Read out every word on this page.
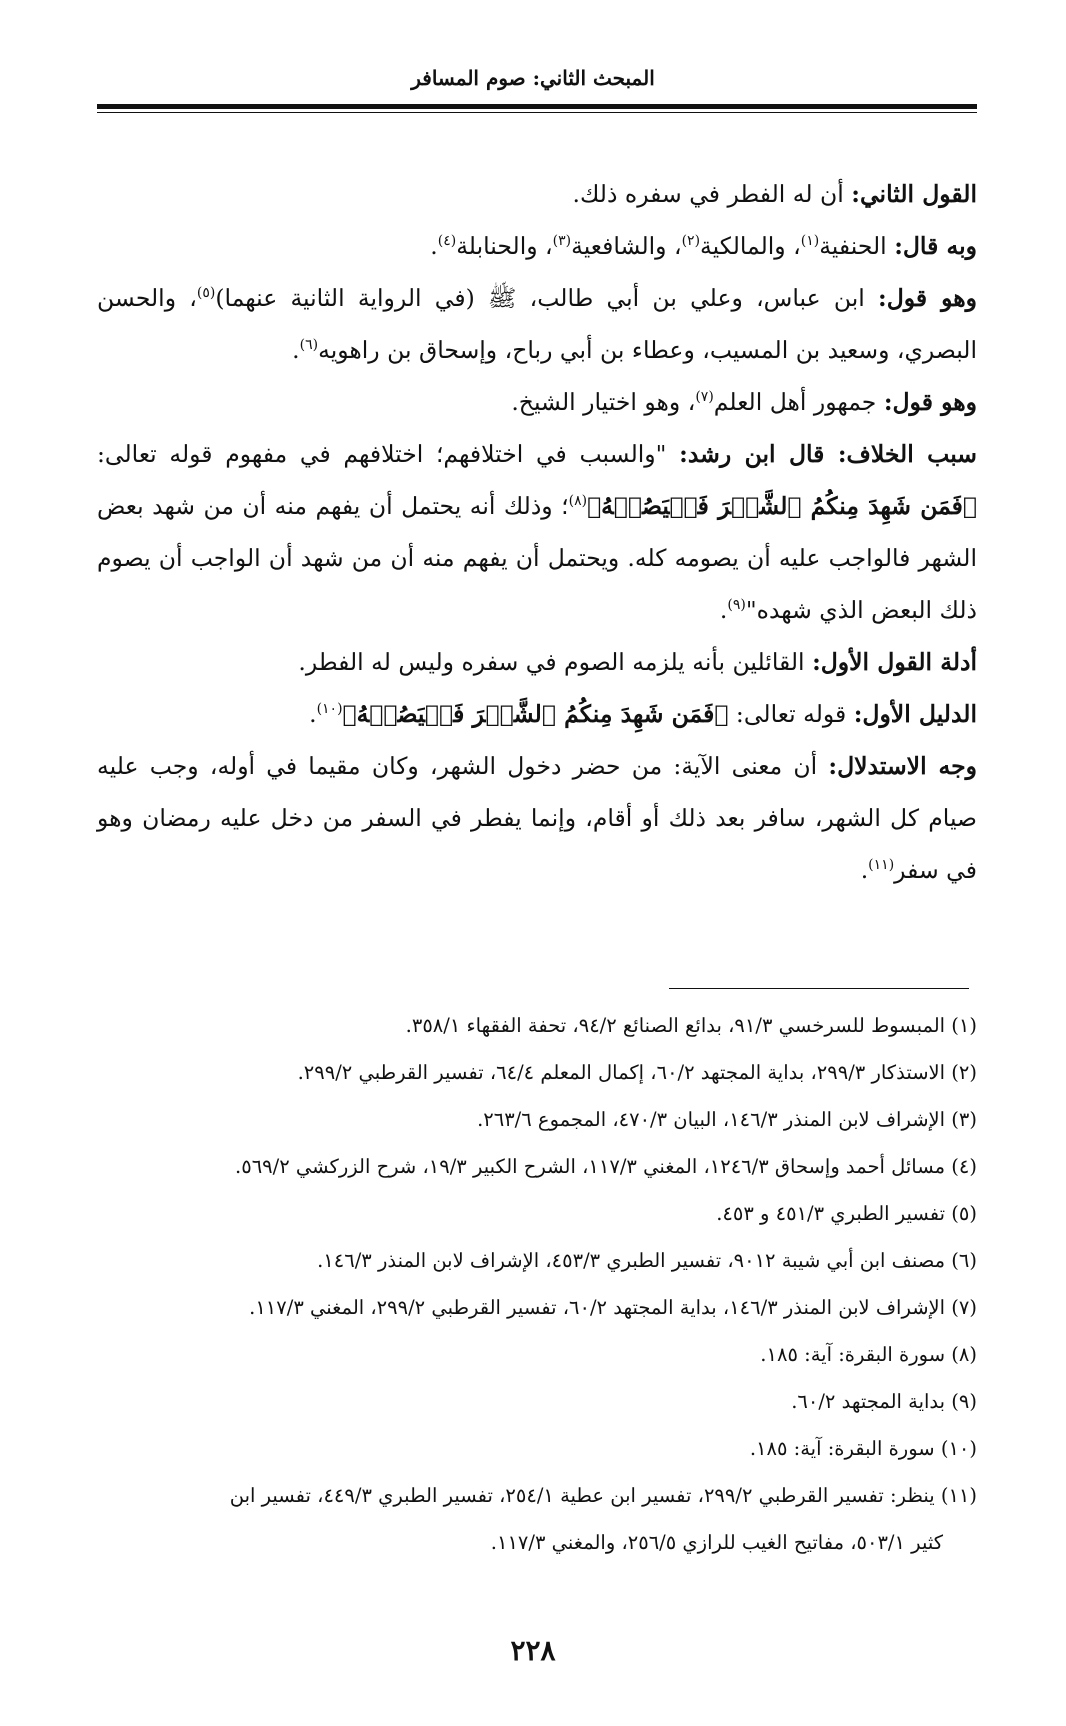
المبحث الثاني: صوم المسافر

القول الثاني: أن له الفطر في سفره ذلك.

وبه قال: الحنفية$^{(١)}$، والمالكية$^{(٢)}$، والشافعية$^{(٣)}$، والحنابلة$^{(٤)}$.

وهو قول: ابن عباس، وعلي بن أبي طالب، ﷺ (في الرواية الثانية عنهما)$^{(٥)}$، والحسن البصري، وسعيد بن المسيب، وعطاء بن أبي رباح، وإسحاق بن راهويه$^{(٦)}$.

وهو قول: جمهور أهل العلم$^{(٧)}$، وهو اختيار الشيخ.

سبب الخلاف: قال ابن رشد: "والسبب في اختلافهم؛ اختلافهم في مفهوم قوله تعالى: ﴿فَمَن شَهِدَ مِنكُمُ ٱلشَّهۡرَ فَلۡيَصُمۡهُ﴾$^{(٨)}$؛ وذلك أنه يحتمل أن يفهم منه أن من شهد بعض الشهر فالواجب عليه أن يصومه كله. ويحتمل أن يفهم منه أن من شهد أن الواجب أن يصوم ذلك البعض الذي شهده"$^{(٩)}$.

أدلة القول الأول: القائلين بأنه يلزمه الصوم في سفره وليس له الفطر.

الدليل الأول: قوله تعالى: ﴿فَمَن شَهِدَ مِنكُمُ ٱلشَّهۡرَ فَلۡيَصُمۡهُ﴾$^{(١٠)}$.

وجه الاستدلال: أن معنى الآية: من حضر دخول الشهر، وكان مقيما في أوله، وجب عليه صيام كل الشهر، سافر بعد ذلك أو أقام، وإنما يفطر في السفر من دخل عليه رمضان وهو في سفر$^{(١١)}$.

(١) المبسوط للسرخسي ٩١/٣، بدائع الصنائع ٩٤/٢، تحفة الفقهاء ٣٥٨/١.

(٢) الاستذكار ٢٩٩/٣، بداية المجتهد ٦٠/٢، إكمال المعلم ٦٤/٤، تفسير القرطبي ٢٩٩/٢.

(٣) الإشراف لابن المنذر ١٤٦/٣، البيان ٤٧٠/٣، المجموع ٢٦٣/٦.

(٤) مسائل أحمد وإسحاق ١٢٤٦/٣، المغني ١١٧/٣، الشرح الكبير ١٩/٣، شرح الزركشي ٥٦٩/٢.

(٥) تفسير الطبري ٤٥١/٣ و ٤٥٣.

(٦) مصنف ابن أبي شيبة ٩٠١٢، تفسير الطبري ٤٥٣/٣، الإشراف لابن المنذر ١٤٦/٣.

(٧) الإشراف لابن المنذر ١٤٦/٣، بداية المجتهد ٦٠/٢، تفسير القرطبي ٢٩٩/٢، المغني ١١٧/٣.

(٨) سورة البقرة: آية: ١٨٥.

(٩) بداية المجتهد ٦٠/٢.

(١٠) سورة البقرة: آية: ١٨٥.

(١١) ينظر: تفسير القرطبي ٢٩٩/٢، تفسير ابن عطية ٢٥٤/١، تفسير الطبري ٤٤٩/٣، تفسير ابن

كثير ٥٠٣/١، مفاتيح الغيب للرازي ٢٥٦/٥، والمغني ١١٧/٣.

٢٢٨
